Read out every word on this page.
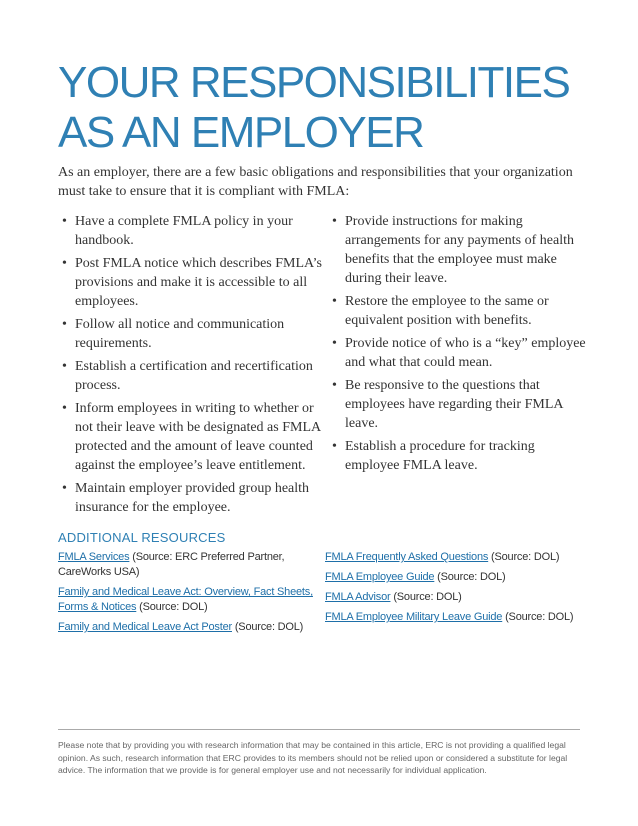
YOUR RESPONSIBILITIES
AS AN EMPLOYER

As an employer, there are a few basic obligations and responsibilities that your organization must take to ensure that it is compliant with FMLA:

• Have a complete FMLA policy in your handbook.
• Post FMLA notice which describes FMLA’s provisions and make it is accessible to all employees.
• Follow all notice and communication requirements.
• Establish a certification and recertification process.
• Inform employees in writing to whether or not their leave with be designated as FMLA protected and the amount of leave counted against the employee’s leave entitlement.
• Maintain employer provided group health insurance for the employee.
• Provide instructions for making arrangements for any payments of health benefits that the employee must make during their leave.
• Restore the employee to the same or equivalent position with benefits.
• Provide notice of who is a “key” employee and what that could mean.
• Be responsive to the questions that employees have regarding their FMLA leave.
• Establish a procedure for tracking employee FMLA leave.
ADDITIONAL RESOURCES
FMLA Services (Source: ERC Preferred Partner, CareWorks USA)
Family and Medical Leave Act: Overview, Fact Sheets, Forms & Notices (Source: DOL)
Family and Medical Leave Act Poster (Source: DOL)
FMLA Frequently Asked Questions (Source: DOL)
FMLA Employee Guide (Source: DOL)
FMLA Advisor (Source: DOL)
FMLA Employee Military Leave Guide (Source: DOL)

Please note that by providing you with research information that may be contained in this article, ERC is not providing a qualified legal opinion. As such, research information that ERC provides to its members should not be relied upon or considered a substitute for legal advice. The information that we provide is for general employer use and not necessarily for individual application.
